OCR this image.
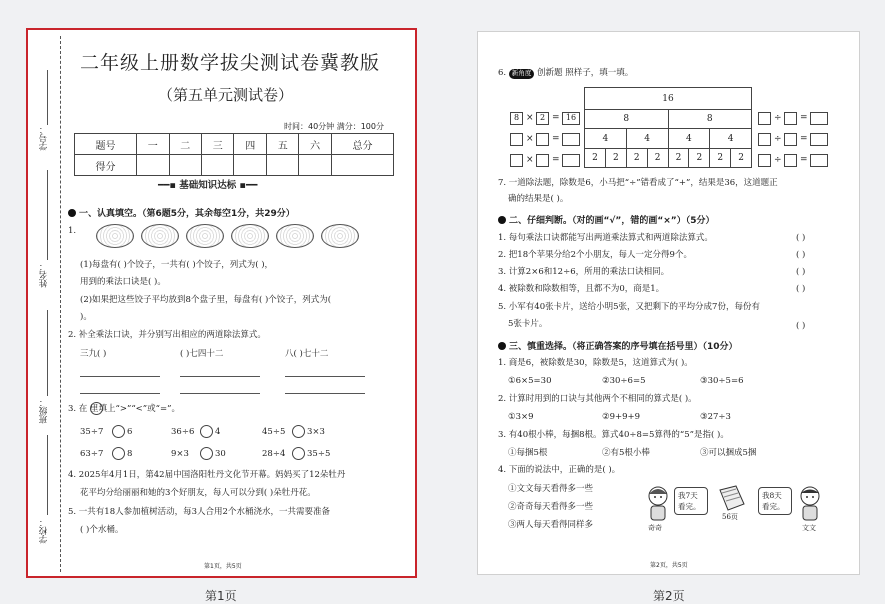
学号：
姓名：
班级：
学校：
二年级上册数学拔尖测试卷冀教版
（第五单元测试卷）
时间：40分钟 满分：100分
题号	一	二	三	四	五	六	总分
得分							
━━▪ 基础知识达标 ▪━━
一、认真填空。（第6题5分，其余每空1分，共29分）
1.
(1)每盘有( )个饺子，一共有( )个饺子，列式为( )，
用到的乘法口诀是( )。
(2)如果把这些饺子平均放到8个盘子里，每盘有( )个饺子，列式为(
)。
2. 补全乘法口诀，并分别写出相应的两道除法算式。
三九( )	( )七四十二	八( )七十二
3. 在 里填上“>”“<”或“=”。
35÷7	6	36÷6 4	45÷5	3×3
63÷7	8	9×3	30	28÷4	35÷5
4. 2025年4月1日，第42届中国洛阳牡丹文化节开幕。妈妈买了12朵牡丹
花平均分给丽丽和她的3个好朋友，每人可以分到( )朵牡丹花。
5. 一共有18人参加植树活动，每3人合用2个水桶浇水，一共需要准备
( )个水桶。
第1页，共5页
第1页
6. 新角度 创新题 照样子，填一填。
8 × 2 = 16
× =
× =
16							
8				8			
4		4		4		4	
2	2	2	2	2	2	2	2
÷ =
÷ =
÷ =
7. 一道除法题，除数是6，小马把“÷”错看成了“+”，结果是36，这道题正
确的结果是( )。
二、仔细判断。（对的画“√”，错的画“×”）（5分）
1. 每句乘法口诀都能写出两道乘法算式和两道除法算式。	( )
2. 把18个苹果分给2个小朋友，每人一定分得9个。	( )
3. 计算2×6和12÷6，所用的乘法口诀相同。	( )
4. 被除数和除数相等，且都不为0，商是1。	( )
5. 小军有40张卡片，送给小明5张，又把剩下的平均分成7份，每份有
5张卡片。	( )
三、慎重选择。（将正确答案的序号填在括号里）（10分）
1. 商是6，被除数是30，除数是5，这道算式为( )。
①6×5=30	②30÷6=5	③30÷5=6
2. 计算时用到的口诀与其他两个不相同的算式是( )。
①3×9	②9+9+9	③27÷3
3. 有40根小棒，每捆8根。算式40÷8=5算得的“5”是指( )。
①每捆5根	②有5根小棒	③可以捆成5捆
4. 下面的说法中，正确的是( )。
①文文每天看得多一些
②奇奇每天看得多一些
③两人每天看得同样多	奇奇
我7天看完。
56页
我8天看完。
文文
第2页，共5页
第2页
